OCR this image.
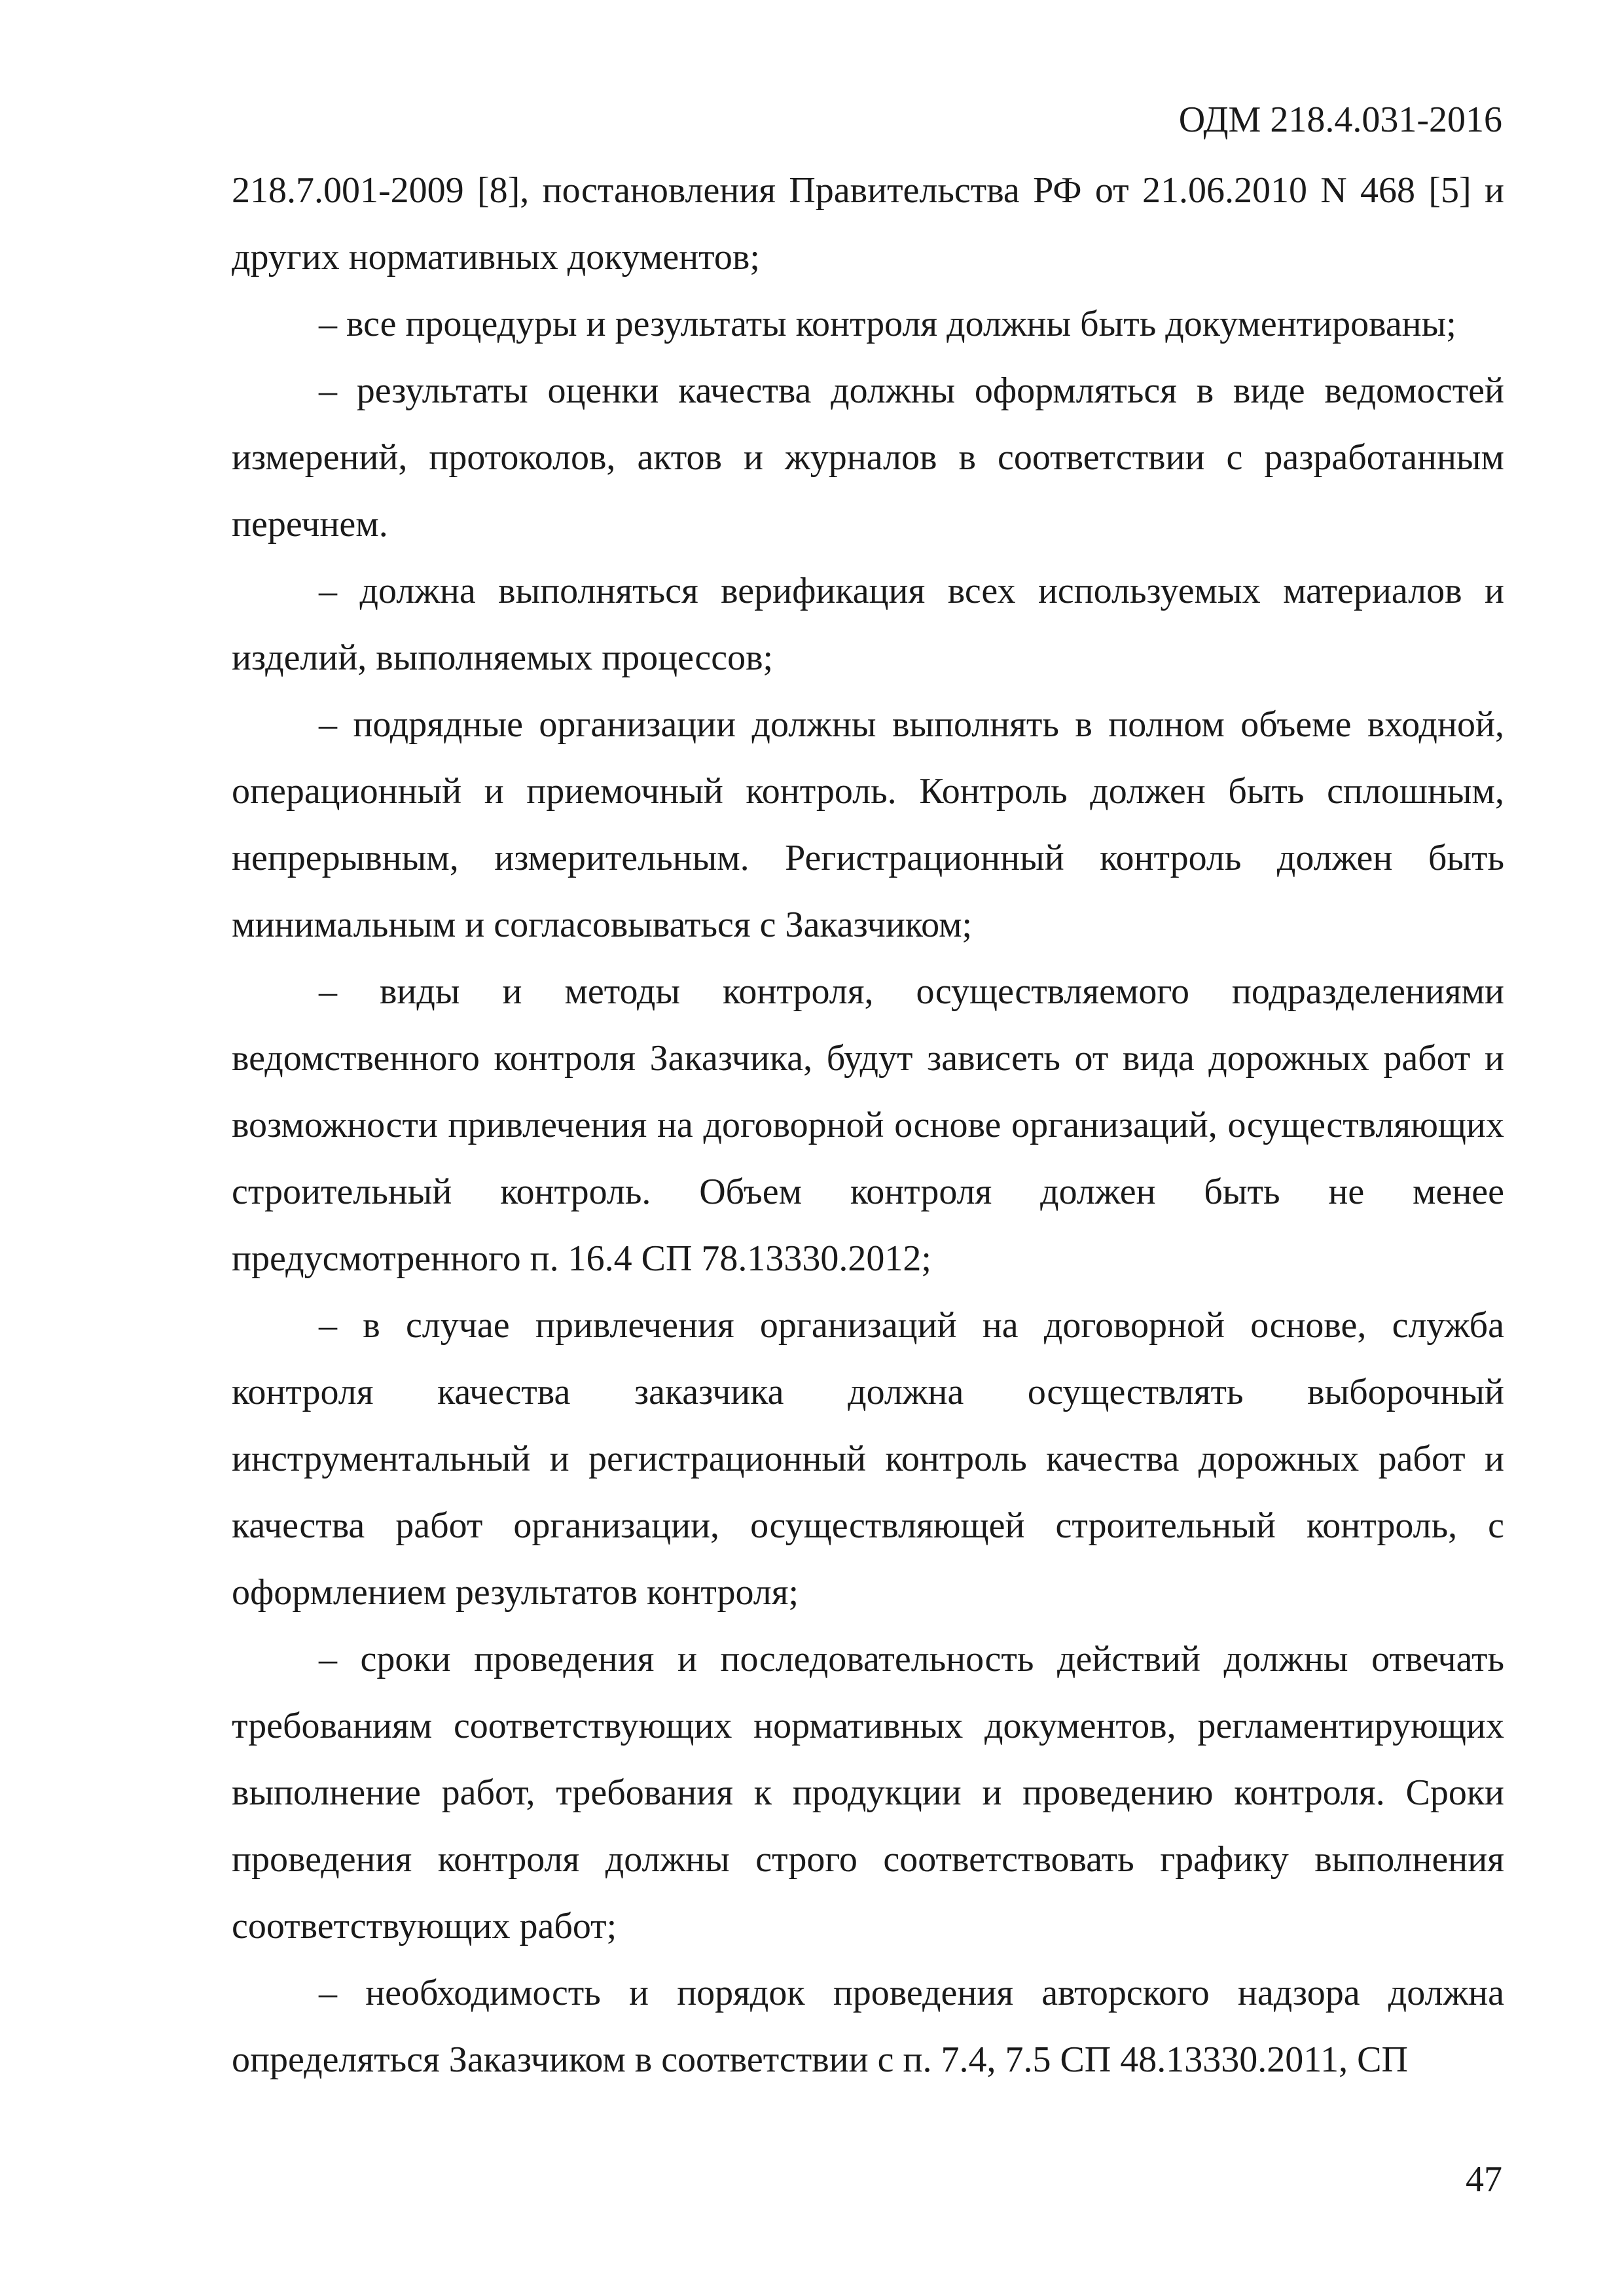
ОДМ 218.4.031-2016

218.7.001-2009 [8], постановления Правительства РФ от 21.06.2010 N 468 [5] и других нормативных документов;

– все процедуры и результаты контроля должны быть документированы;

– результаты оценки качества должны оформляться в виде ведомостей измерений, протоколов, актов и журналов в соответствии с разработанным перечнем.

– должна выполняться верификация всех используемых материалов и изделий, выполняемых процессов;

– подрядные организации должны выполнять в полном объеме входной, операционный и приемочный контроль. Контроль должен быть сплошным, непрерывным, измерительным. Регистрационный контроль должен быть минимальным и согласовываться с Заказчиком;

– виды и методы контроля, осуществляемого подразделениями ведомственного контроля Заказчика, будут зависеть от вида дорожных работ и возможности привлечения на договорной основе организаций, осуществляющих строительный контроль. Объем контроля должен быть не менее предусмотренного п. 16.4 СП 78.13330.2012;

– в случае привлечения организаций на договорной основе, служба контроля качества заказчика должна осуществлять выборочный инструментальный и регистрационный контроль качества дорожных работ и качества работ организации, осуществляющей строительный контроль, с оформлением результатов контроля;

– сроки проведения и последовательность действий должны отвечать требованиям соответствующих нормативных документов, регламентирующих выполнение работ, требования к продукции и проведению контроля. Сроки проведения контроля должны строго соответствовать графику выполнения соответствующих работ;

– необходимость и порядок проведения авторского надзора должна определяться Заказчиком в соответствии с п. 7.4, 7.5 СП 48.13330.2011, СП

47
